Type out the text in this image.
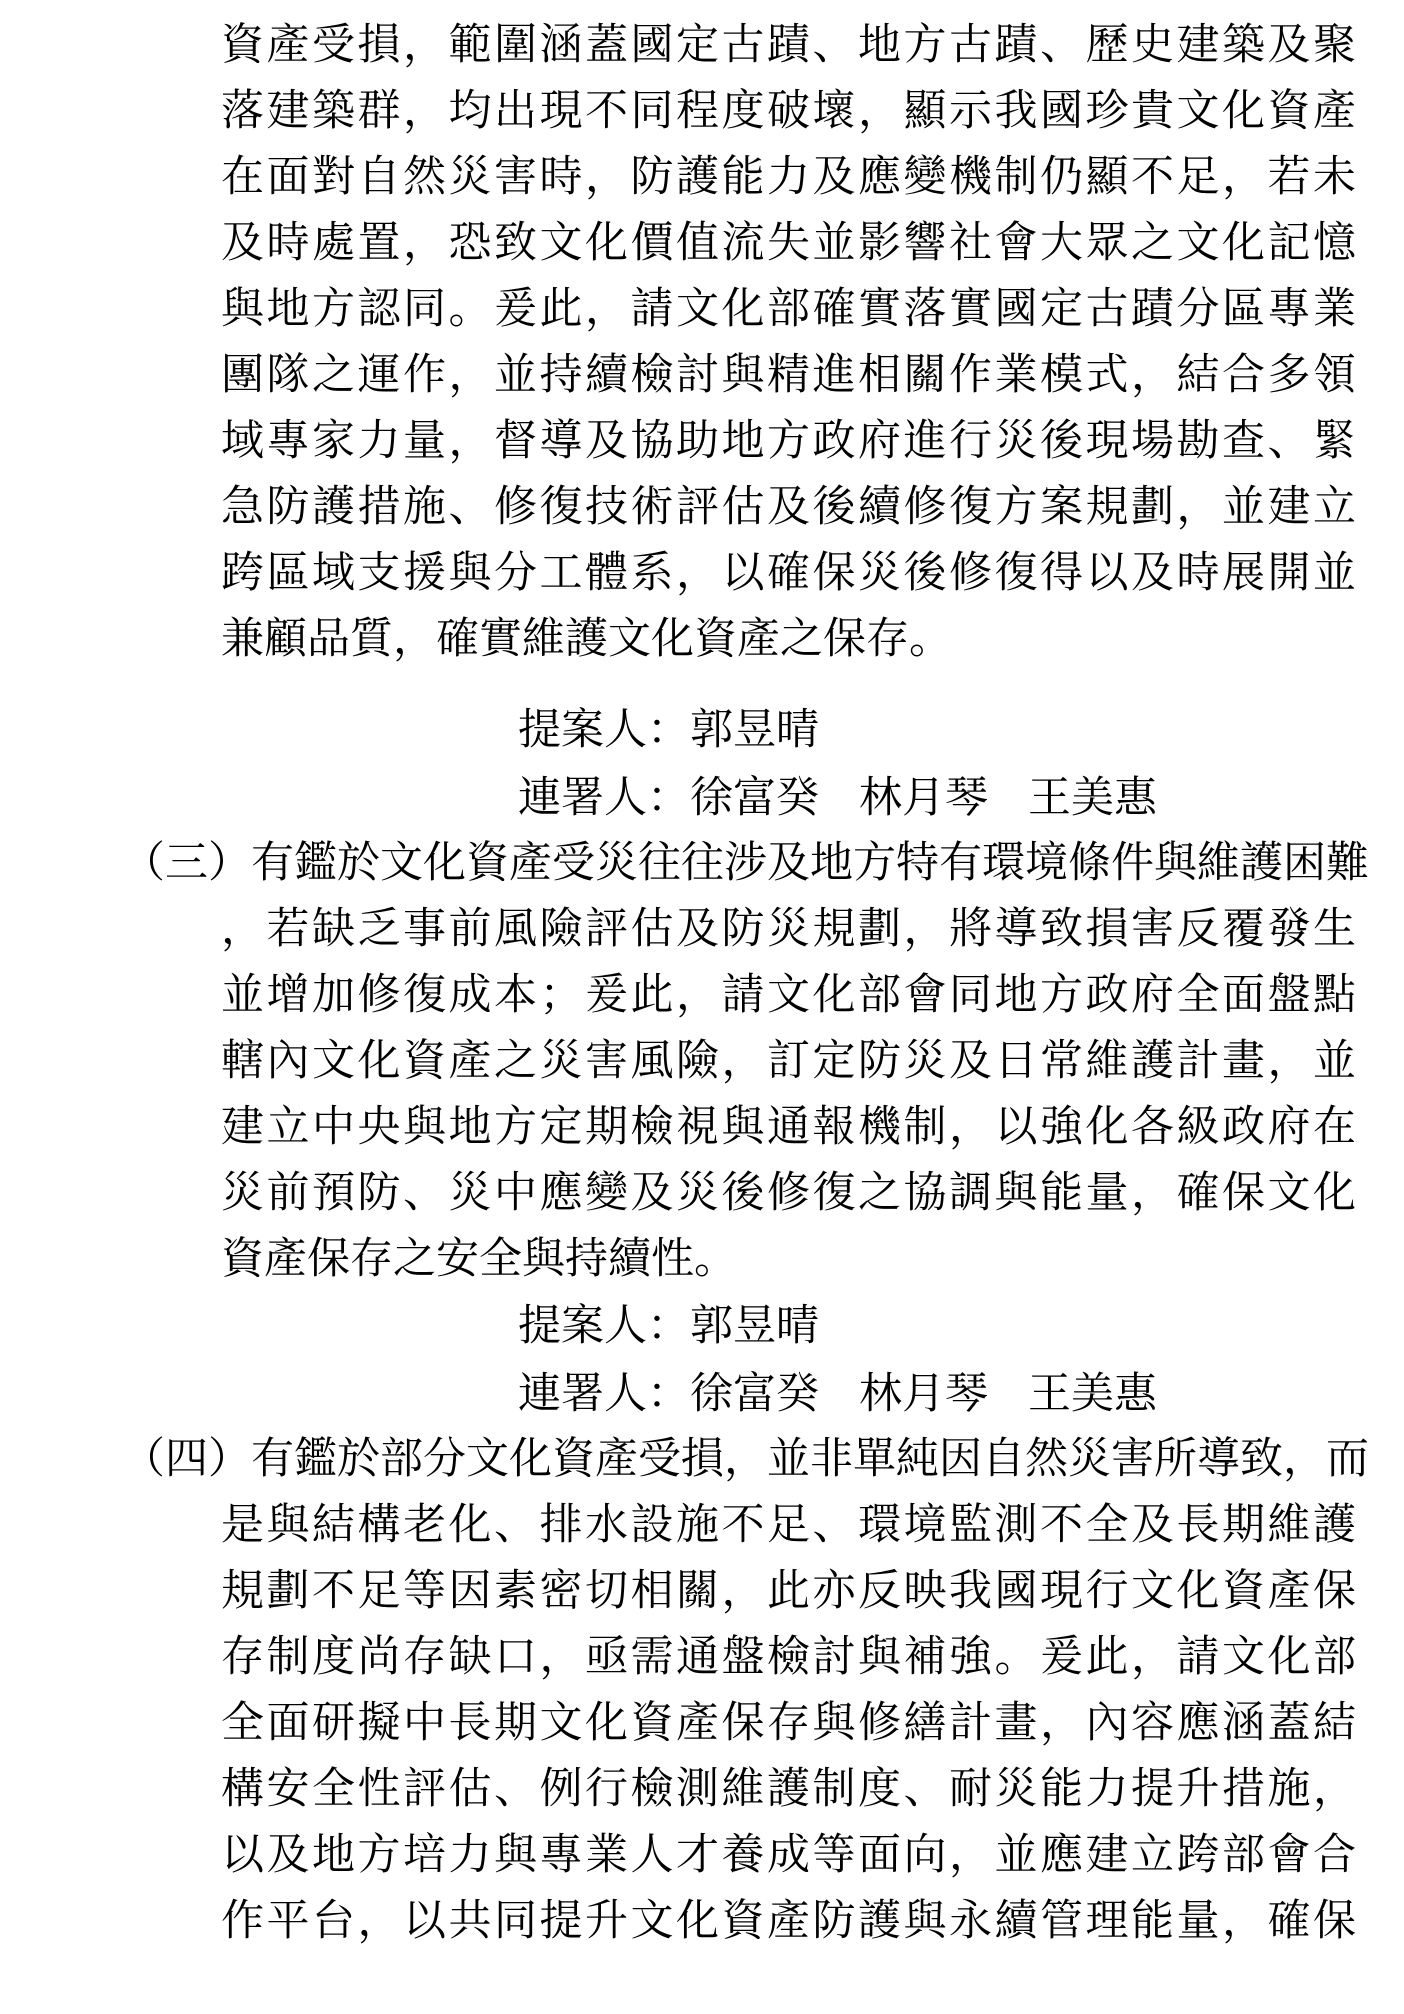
資產受損，範圍涵蓋國定古蹟、地方古蹟、歷史建築及聚
落建築群，均出現不同程度破壞，顯示我國珍貴文化資產
在面對自然災害時，防護能力及應變機制仍顯不足，若未
及時處置，恐致文化價值流失並影響社會大眾之文化記憶
與地方認同。爰此，請文化部確實落實國定古蹟分區專業
團隊之運作，並持續檢討與精進相關作業模式，結合多領
域專家力量，督導及協助地方政府進行災後現場勘查、緊
急防護措施、修復技術評估及後續修復方案規劃，並建立
跨區域支援與分工體系，以確保災後修復得以及時展開並
兼顧品質，確實維護文化資產之保存。
提案人：郭昱晴
連署人：徐富癸 林月琴 王美惠
（三）有鑑於文化資產受災往往涉及地方特有環境條件與維護困難
，若缺乏事前風險評估及防災規劃，將導致損害反覆發生
並增加修復成本；爰此，請文化部會同地方政府全面盤點
轄內文化資產之災害風險，訂定防災及日常維護計畫，並
建立中央與地方定期檢視與通報機制，以強化各級政府在
災前預防、災中應變及災後修復之協調與能量，確保文化
資產保存之安全與持續性。
提案人：郭昱晴
連署人：徐富癸 林月琴 王美惠
（四）有鑑於部分文化資產受損，並非單純因自然災害所導致，而
是與結構老化、排水設施不足、環境監測不全及長期維護
規劃不足等因素密切相關，此亦反映我國現行文化資產保
存制度尚存缺口，亟需通盤檢討與補強。爰此，請文化部
全面研擬中長期文化資產保存與修繕計畫，內容應涵蓋結
構安全性評估、例行檢測維護制度、耐災能力提升措施，
以及地方培力與專業人才養成等面向，並應建立跨部會合
作平台，以共同提升文化資產防護與永續管理能量，確保
